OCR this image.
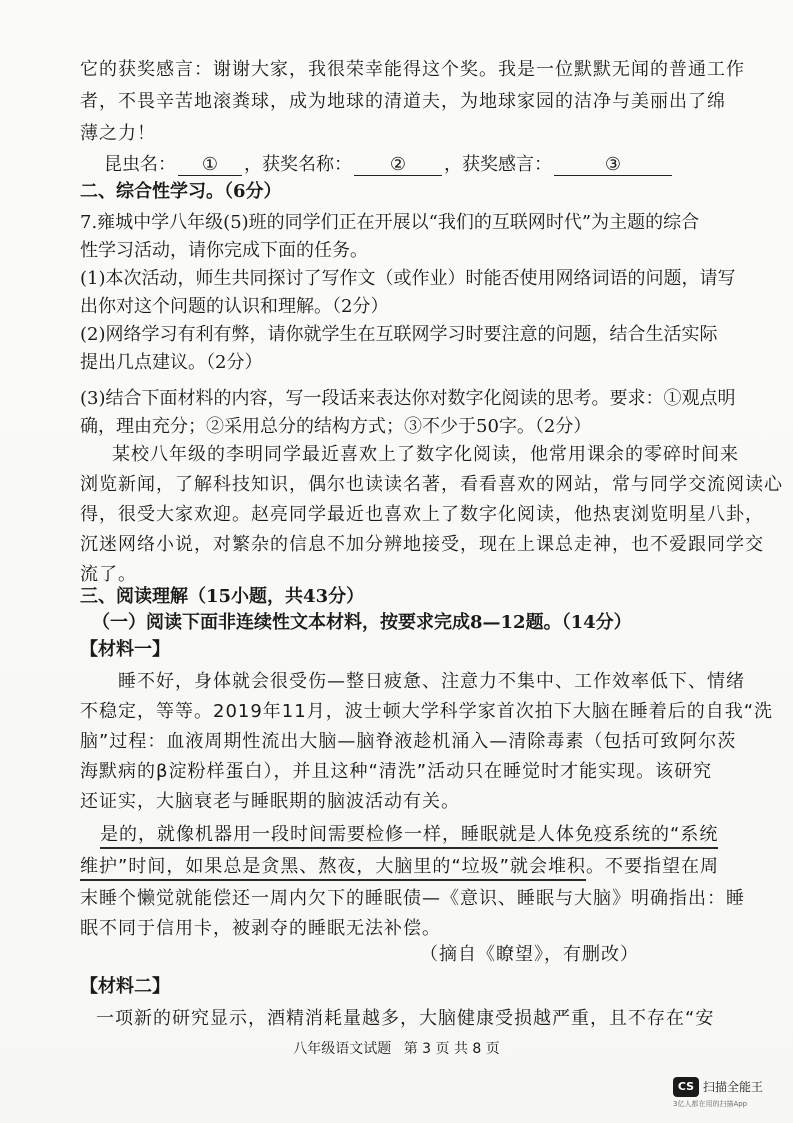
它的获奖感言：谢谢大家，我很荣幸能得这个奖。我是一位默默无闻的普通工作
者，不畏辛苦地滚粪球，成为地球的清道夫，为地球家园的洁净与美丽出了绵
薄之力！
昆虫名： ① ，获奖名称： ② ，获奖感言：	③
二、综合性学习。（6分）
7.雍城中学八年级(5)班的同学们正在开展以“我们的互联网时代”为主题的综合
性学习活动，请你完成下面的任务。
(1)本次活动，师生共同探讨了写作文（或作业）时能否使用网络词语的问题，请写
出你对这个问题的认识和理解。（2分）
(2)网络学习有利有弊，请你就学生在互联网学习时要注意的问题，结合生活实际
提出几点建议。（2分）
(3)结合下面材料的内容，写一段话来表达你对数字化阅读的思考。要求：①观点明
确，理由充分；②采用总分的结构方式；③不少于50字。（2分）
某校八年级的李明同学最近喜欢上了数字化阅读，他常用课余的零碎时间来
浏览新闻，了解科技知识，偶尔也读读名著，看看喜欢的网站，常与同学交流阅读心
得，很受大家欢迎。赵亮同学最近也喜欢上了数字化阅读，他热衷浏览明星八卦，
沉迷网络小说，对繁杂的信息不加分辨地接受，现在上课总走神，也不爱跟同学交
流了。
三、阅读理解（15小题，共43分）
（一）阅读下面非连续性文本材料，按要求完成8—12题。（14分）
【材料一】
睡不好，身体就会很受伤—整日疲惫、注意力不集中、工作效率低下、情绪
不稳定，等等。2019年11月，波士顿大学科学家首次拍下大脑在睡着后的自我“洗
脑”过程：血液周期性流出大脑—脑脊液趁机涌入—清除毒素（包括可致阿尔茨
海默病的β淀粉样蛋白），并且这种“清洗”活动只在睡觉时才能实现。该研究
还证实，大脑衰老与睡眠期的脑波活动有关。
是的，就像机器用一段时间需要检修一样，睡眠就是人体免疫系统的“系统
维护”时间，如果总是贪黑、熬夜，大脑里的“垃圾”就会堆积。不要指望在周
末睡个懒觉就能偿还一周内欠下的睡眠债—《意识、睡眠与大脑》明确指出：睡
眠不同于信用卡，被剥夺的睡眠无法补偿。
（摘自《瞭望》，有删改）
【材料二】
一项新的研究显示，酒精消耗量越多，大脑健康受损越严重，且不存在“安
八年级语文试题 第 3 页 共 8 页
CS 扫描全能王
3亿人都在用的扫描App
